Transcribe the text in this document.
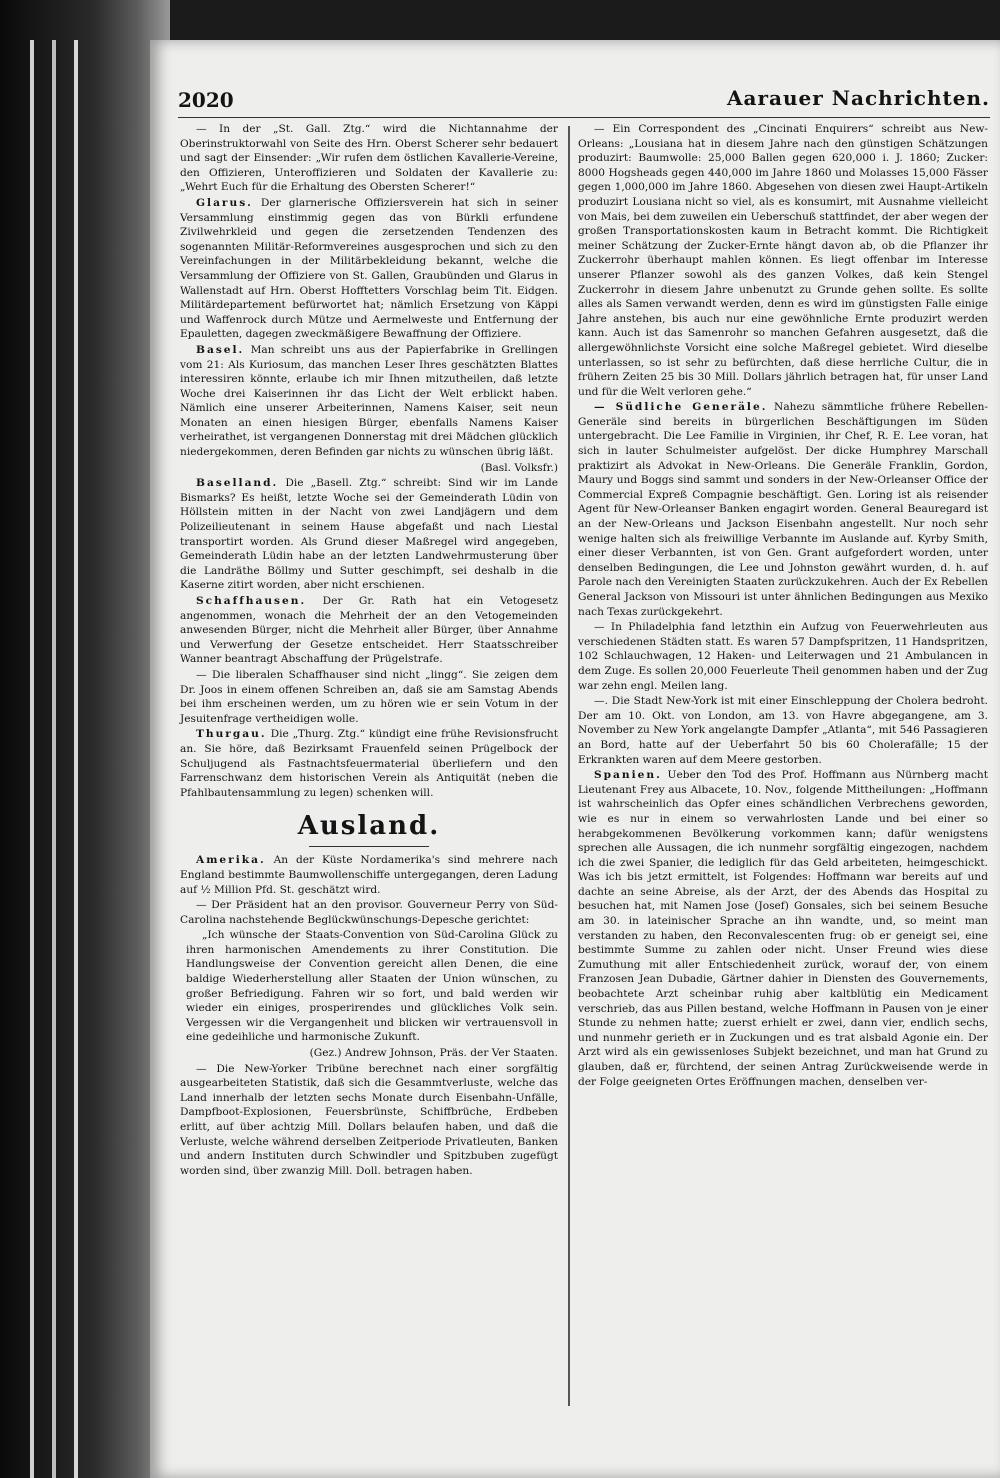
2020	Aarauer Nachrichten.

— In der „St. Gall. Ztg.“ wird die Nichtannahme der Oberinstruktorwahl von Seite des Hrn. Oberst Scherer sehr bedauert und sagt der Einsender: „Wir rufen dem östlichen Kavallerie-Vereine, den Offizieren, Unteroffizieren und Soldaten der Kavallerie zu: „Wehrt Euch für die Erhaltung des Obersten Scherer!“

Glarus. Der glarnerische Offiziersverein hat sich in seiner Versammlung einstimmig gegen das von Bürkli erfundene Zivilwehrkleid und gegen die zersetzenden Tendenzen des sogenannten Militär-Reformvereines ausgesprochen und sich zu den Vereinfachungen in der Militärbekleidung bekannt, welche die Versammlung der Offiziere von St. Gallen, Graubünden und Glarus in Wallenstadt auf Hrn. Oberst Hofftetters Vorschlag beim Tit. Eidgen. Militärdepartement befürwortet hat; nämlich Ersetzung von Käppi und Waffenrock durch Mütze und Aermelweste und Entfernung der Epauletten, dagegen zweckmäßigere Bewaffnung der Offiziere.

Basel. Man schreibt uns aus der Papierfabrike in Grellingen vom 21: Als Kuriosum, das manchen Leser Ihres geschätzten Blattes interessiren könnte, erlaube ich mir Ihnen mitzutheilen, daß letzte Woche drei Kaiserinnen ihr das Licht der Welt erblickt haben. Nämlich eine unserer Arbeiterinnen, Namens Kaiser, seit neun Monaten an einen hiesigen Bürger, ebenfalls Namens Kaiser verheirathet, ist vergangenen Donnerstag mit drei Mädchen glücklich niedergekommen, deren Befinden gar nichts zu wünschen übrig läßt.

(Basl. Volksfr.)

Baselland. Die „Basell. Ztg.“ schreibt: Sind wir im Lande Bismarks? Es heißt, letzte Woche sei der Gemeinderath Lüdin von Höllstein mitten in der Nacht von zwei Landjägern und dem Polizeilieutenant in seinem Hause abgefaßt und nach Liestal transportirt worden. Als Grund dieser Maßregel wird angegeben, Gemeinderath Lüdin habe an der letzten Landwehrmusterung über die Landräthe Böllmy und Sutter geschimpft, sei deshalb in die Kaserne zitirt worden, aber nicht erschienen.

Schaffhausen. Der Gr. Rath hat ein Vetogesetz angenommen, wonach die Mehrheit der an den Vetogemeinden anwesenden Bürger, nicht die Mehrheit aller Bürger, über Annahme und Verwerfung der Gesetze entscheidet. Herr Staatsschreiber Wanner beantragt Abschaffung der Prügelstrafe.

— Die liberalen Schaffhauser sind nicht „lingg“. Sie zeigen dem Dr. Joos in einem offenen Schreiben an, daß sie am Samstag Abends bei ihm erscheinen werden, um zu hören wie er sein Votum in der Jesuitenfrage vertheidigen wolle.

Thurgau. Die „Thurg. Ztg.“ kündigt eine frühe Revisionsfrucht an. Sie höre, daß Bezirksamt Frauenfeld seinen Prügelbock der Schuljugend als Fastnachtsfeuermaterial überliefern und den Farrenschwanz dem historischen Verein als Antiquität (neben die Pfahlbautensammlung zu legen) schenken will.

Ausland.

Amerika. An der Küste Nordamerika's sind mehrere nach England bestimmte Baumwollenschiffe untergegangen, deren Ladung auf ½ Million Pfd. St. geschätzt wird.

— Der Präsident hat an den provisor. Gouverneur Perry von Süd-Carolina nachstehende Beglückwünschungs-Depesche gerichtet:

„Ich wünsche der Staats-Convention von Süd-Carolina Glück zu ihren harmonischen Amendements zu ihrer Constitution. Die Handlungsweise der Convention gereicht allen Denen, die eine baldige Wiederherstellung aller Staaten der Union wünschen, zu großer Befriedigung. Fahren wir so fort, und bald werden wir wieder ein einiges, prosperirendes und glückliches Volk sein. Vergessen wir die Vergangenheit und blicken wir vertrauensvoll in eine gedeihliche und harmonische Zukunft.

(Gez.) Andrew Johnson, Präs. der Ver Staaten.

— Die New-Yorker Tribüne berechnet nach einer sorgfältig ausgearbeiteten Statistik, daß sich die Gesammtverluste, welche das Land innerhalb der letzten sechs Monate durch Eisenbahn-Unfälle, Dampfboot-Explosionen, Feuersbrünste, Schiffbrüche, Erdbeben erlitt, auf über achtzig Mill. Dollars belaufen haben, und daß die Verluste, welche während derselben Zeitperiode Privatleuten, Banken und andern Instituten durch Schwindler und Spitzbuben zugefügt worden sind, über zwanzig Mill. Doll. betragen haben.

— Ein Correspondent des „Cincinati Enquirers“ schreibt aus New-Orleans: „Lousiana hat in diesem Jahre nach den günstigen Schätzungen produzirt: Baumwolle: 25,000 Ballen gegen 620,000 i. J. 1860; Zucker: 8000 Hogsheads gegen 440,000 im Jahre 1860 und Molasses 15,000 Fässer gegen 1,000,000 im Jahre 1860. Abgesehen von diesen zwei Haupt-Artikeln produzirt Lousiana nicht so viel, als es konsumirt, mit Ausnahme vielleicht von Mais, bei dem zuweilen ein Ueberschuß stattfindet, der aber wegen der großen Transportationskosten kaum in Betracht kommt. Die Richtigkeit meiner Schätzung der Zucker-Ernte hängt davon ab, ob die Pflanzer ihr Zuckerrohr überhaupt mahlen können. Es liegt offenbar im Interesse unserer Pflanzer sowohl als des ganzen Volkes, daß kein Stengel Zuckerrohr in diesem Jahre unbenutzt zu Grunde gehen sollte. Es sollte alles als Samen verwandt werden, denn es wird im günstigsten Falle einige Jahre anstehen, bis auch nur eine gewöhnliche Ernte produzirt werden kann. Auch ist das Samenrohr so manchen Gefahren ausgesetzt, daß die allergewöhnlichste Vorsicht eine solche Maßregel gebietet. Wird dieselbe unterlassen, so ist sehr zu befürchten, daß diese herrliche Cultur, die in frühern Zeiten 25 bis 30 Mill. Dollars jährlich betragen hat, für unser Land und für die Welt verloren gehe.“

— Südliche Generäle. Nahezu sämmtliche frühere Rebellen-Generäle sind bereits in bürgerlichen Beschäftigungen im Süden untergebracht. Die Lee Familie in Virginien, ihr Chef, R. E. Lee voran, hat sich in lauter Schulmeister aufgelöst. Der dicke Humphrey Marschall praktizirt als Advokat in New-Orleans. Die Generäle Franklin, Gordon, Maury und Boggs sind sammt und sonders in der New-Orleanser Office der Commercial Expreß Compagnie beschäftigt. Gen. Loring ist als reisender Agent für New-Orleanser Banken engagirt worden. General Beauregard ist an der New-Orleans und Jackson Eisenbahn angestellt. Nur noch sehr wenige halten sich als freiwillige Verbannte im Auslande auf. Kyrby Smith, einer dieser Verbannten, ist von Gen. Grant aufgefordert worden, unter denselben Bedingungen, die Lee und Johnston gewährt wurden, d. h. auf Parole nach den Vereinigten Staaten zurückzukehren. Auch der Ex Rebellen General Jackson von Missouri ist unter ähnlichen Bedingungen aus Mexiko nach Texas zurückgekehrt.

— In Philadelphia fand letzthin ein Aufzug von Feuerwehrleuten aus verschiedenen Städten statt. Es waren 57 Dampfspritzen, 11 Handspritzen, 102 Schlauchwagen, 12 Haken- und Leiterwagen und 21 Ambulancen in dem Zuge. Es sollen 20,000 Feuerleute Theil genommen haben und der Zug war zehn engl. Meilen lang.

—. Die Stadt New-York ist mit einer Einschleppung der Cholera bedroht. Der am 10. Okt. von London, am 13. von Havre abgegangene, am 3. November zu New York angelangte Dampfer „Atlanta“, mit 546 Passagieren an Bord, hatte auf der Ueberfahrt 50 bis 60 Cholerafälle; 15 der Erkrankten waren auf dem Meere gestorben.

Spanien. Ueber den Tod des Prof. Hoffmann aus Nürnberg macht Lieutenant Frey aus Albacete, 10. Nov., folgende Mittheilungen: „Hoffmann ist wahrscheinlich das Opfer eines schändlichen Verbrechens geworden, wie es nur in einem so verwahrlosten Lande und bei einer so herabgekommenen Bevölkerung vorkommen kann; dafür wenigstens sprechen alle Aussagen, die ich nunmehr sorgfältig eingezogen, nachdem ich die zwei Spanier, die lediglich für das Geld arbeiteten, heimgeschickt. Was ich bis jetzt ermittelt, ist Folgendes: Hoffmann war bereits auf und dachte an seine Abreise, als der Arzt, der des Abends das Hospital zu besuchen hat, mit Namen Jose (Josef) Gonsales, sich bei seinem Besuche am 30. in lateinischer Sprache an ihn wandte, und, so meint man verstanden zu haben, den Reconvalescenten frug: ob er geneigt sei, eine bestimmte Summe zu zahlen oder nicht. Unser Freund wies diese Zumuthung mit aller Entschiedenheit zurück, worauf der, von einem Franzosen Jean Dubadie, Gärtner dahier in Diensten des Gouvernements, beobachtete Arzt scheinbar ruhig aber kaltblütig ein Medicament verschrieb, das aus Pillen bestand, welche Hoffmann in Pausen von je einer Stunde zu nehmen hatte; zuerst erhielt er zwei, dann vier, endlich sechs, und nunmehr gerieth er in Zuckungen und es trat alsbald Agonie ein. Der Arzt wird als ein gewissenloses Subjekt bezeichnet, und man hat Grund zu glauben, daß er, fürchtend, der seinen Antrag Zurückweisende werde in der Folge geeigneten Ortes Eröffnungen machen, denselben ver-
